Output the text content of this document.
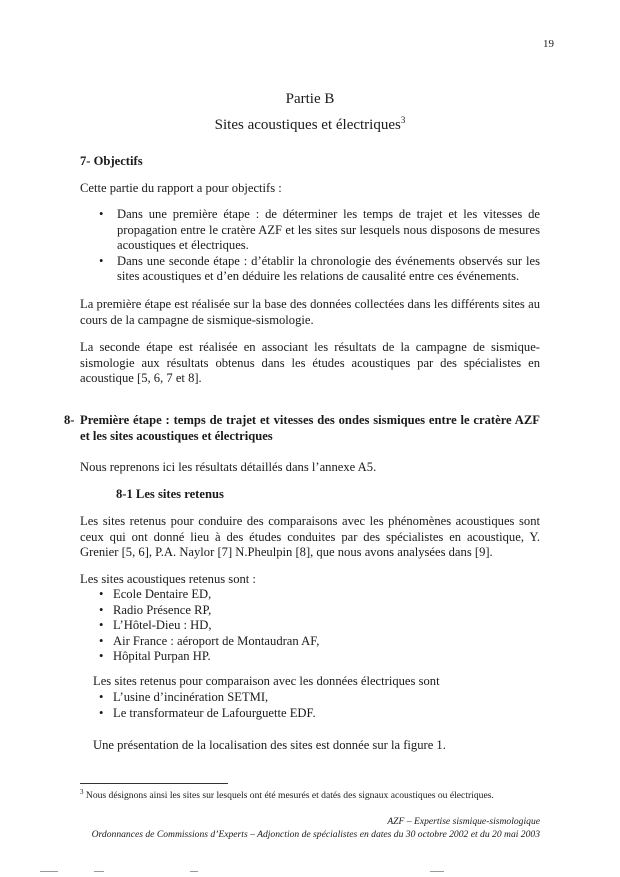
19
Partie B
Sites acoustiques et électriques$^3$
7- Objectifs
Cette partie du rapport a pour objectifs :
• Dans une première étape : de déterminer les temps de trajet et les vitesses de propagation entre le cratère AZF et les sites sur lesquels nous disposons de mesures acoustiques et électriques.
• Dans une seconde étape : d’établir la chronologie des événements observés sur les sites acoustiques et d’en déduire les relations de causalité entre ces événements.
La première étape est réalisée sur la base des données collectées dans les différents sites au cours de la campagne de sismique-sismologie.
La seconde étape est réalisée en associant les résultats de la campagne de sismique-sismologie aux résultats obtenus dans les études acoustiques par des spécialistes en acoustique [5, 6, 7 et 8].
8- Première étape : temps de trajet et vitesses des ondes sismiques entre le cratère AZF et les sites acoustiques et électriques
Nous reprenons ici les résultats détaillés dans l’annexe A5.
8-1 Les sites retenus
Les sites retenus pour conduire des comparaisons avec les phénomènes acoustiques sont ceux qui ont donné lieu à des études conduites par des spécialistes en acoustique, Y. Grenier [5, 6], P.A. Naylor [7] N.Pheulpin [8], que nous avons analysées dans [9].
Les sites acoustiques retenus sont :
• Ecole Dentaire ED,
• Radio Présence RP,
• L’Hôtel-Dieu : HD,
• Air France : aéroport de Montaudran AF,
• Hôpital Purpan HP.
Les sites retenus pour comparaison avec les données électriques sont
• L’usine d’incinération SETMI,
• Le transformateur de Lafourguette EDF.
Une présentation de la localisation des sites est donnée sur la figure 1.
$^3$ Nous désignons ainsi les sites sur lesquels ont été mesurés et datés des signaux acoustiques ou électriques.
AZF – Expertise sismique-sismologique
Ordonnances de Commissions d’Experts – Adjonction de spécialistes en dates du 30 octobre 2002 et du 20 mai 2003
